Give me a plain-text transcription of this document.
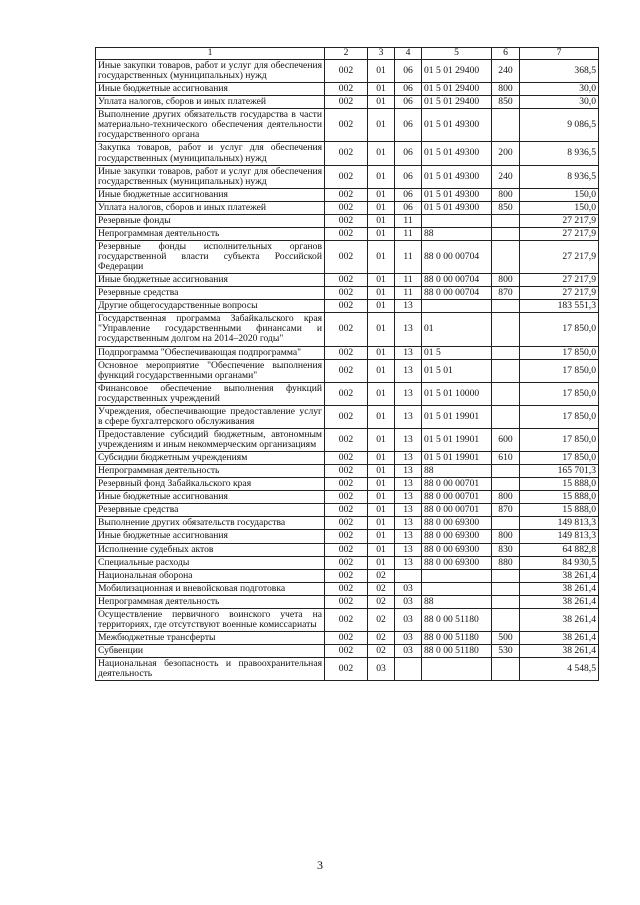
1	2	3	4	5	6	7
Иные закупки товаров, работ и услуг для обеспечения государственных (муниципальных) нужд	002	01	06	01 5 01 29400	240	368,5
Иные бюджетные ассигнования	002	01	06	01 5 01 29400	800	30,0
Уплата налогов, сборов и иных платежей	002	01	06	01 5 01 29400	850	30,0
Выполнение других обязательств государства в части материально-технического обеспечения деятельности государственного органа	002	01	06	01 5 01 49300		9 086,5
Закупка товаров, работ и услуг для обеспечения государственных (муниципальных) нужд	002	01	06	01 5 01 49300	200	8 936,5
Иные закупки товаров, работ и услуг для обеспечения государственных (муниципальных) нужд	002	01	06	01 5 01 49300	240	8 936,5
Иные бюджетные ассигнования	002	01	06	01 5 01 49300	800	150,0
Уплата налогов, сборов и иных платежей	002	01	06	01 5 01 49300	850	150,0
Резервные фонды	002	01	11			27 217,9
Непрограммная деятельность	002	01	11	88		27 217,9
Резервные фонды исполнительных органов государственной власти субъекта Российской Федерации	002	01	11	88 0 00 00704		27 217,9
Иные бюджетные ассигнования	002	01	11	88 0 00 00704	800	27 217,9
Резервные средства	002	01	11	88 0 00 00704	870	27 217,9
Другие общегосударственные вопросы	002	01	13			183 551,3
Государственная программа Забайкальского края "Управление государственными финансами и государственным долгом на 2014–2020 годы"	002	01	13	01		17 850,0
Подпрограмма "Обеспечивающая подпрограмма"	002	01	13	01 5		17 850,0
Основное мероприятие "Обеспечение выполнения функций государственными органами"	002	01	13	01 5 01		17 850,0
Финансовое обеспечение выполнения функций государственных учреждений	002	01	13	01 5 01 10000		17 850,0
Учреждения, обеспечивающие предоставление услуг в сфере бухгалтерского обслуживания	002	01	13	01 5 01 19901		17 850,0
Предоставление субсидий бюджетным, автономным учреждениям и иным некоммерческим организациям	002	01	13	01 5 01 19901	600	17 850,0
Субсидии бюджетным учреждениям	002	01	13	01 5 01 19901	610	17 850,0
Непрограммная деятельность	002	01	13	88		165 701,3
Резервный фонд Забайкальского края	002	01	13	88 0 00 00701		15 888,0
Иные бюджетные ассигнования	002	01	13	88 0 00 00701	800	15 888,0
Резервные средства	002	01	13	88 0 00 00701	870	15 888,0
Выполнение других обязательств государства	002	01	13	88 0 00 69300		149 813,3
Иные бюджетные ассигнования	002	01	13	88 0 00 69300	800	149 813,3
Исполнение судебных актов	002	01	13	88 0 00 69300	830	64 882,8
Специальные расходы	002	01	13	88 0 00 69300	880	84 930,5
Национальная оборона	002	02				38 261,4
Мобилизационная и вневойсковая подготовка	002	02	03			38 261,4
Непрограммная деятельность	002	02	03	88		38 261,4
Осуществление первичного воинского учета на территориях, где отсутствуют военные комиссариаты	002	02	03	88 0 00 51180		38 261,4
Межбюджетные трансферты	002	02	03	88 0 00 51180	500	38 261,4
Субвенции	002	02	03	88 0 00 51180	530	38 261,4
Национальная безопасность и правоохранительная деятельность	002	03				4 548,5
3
